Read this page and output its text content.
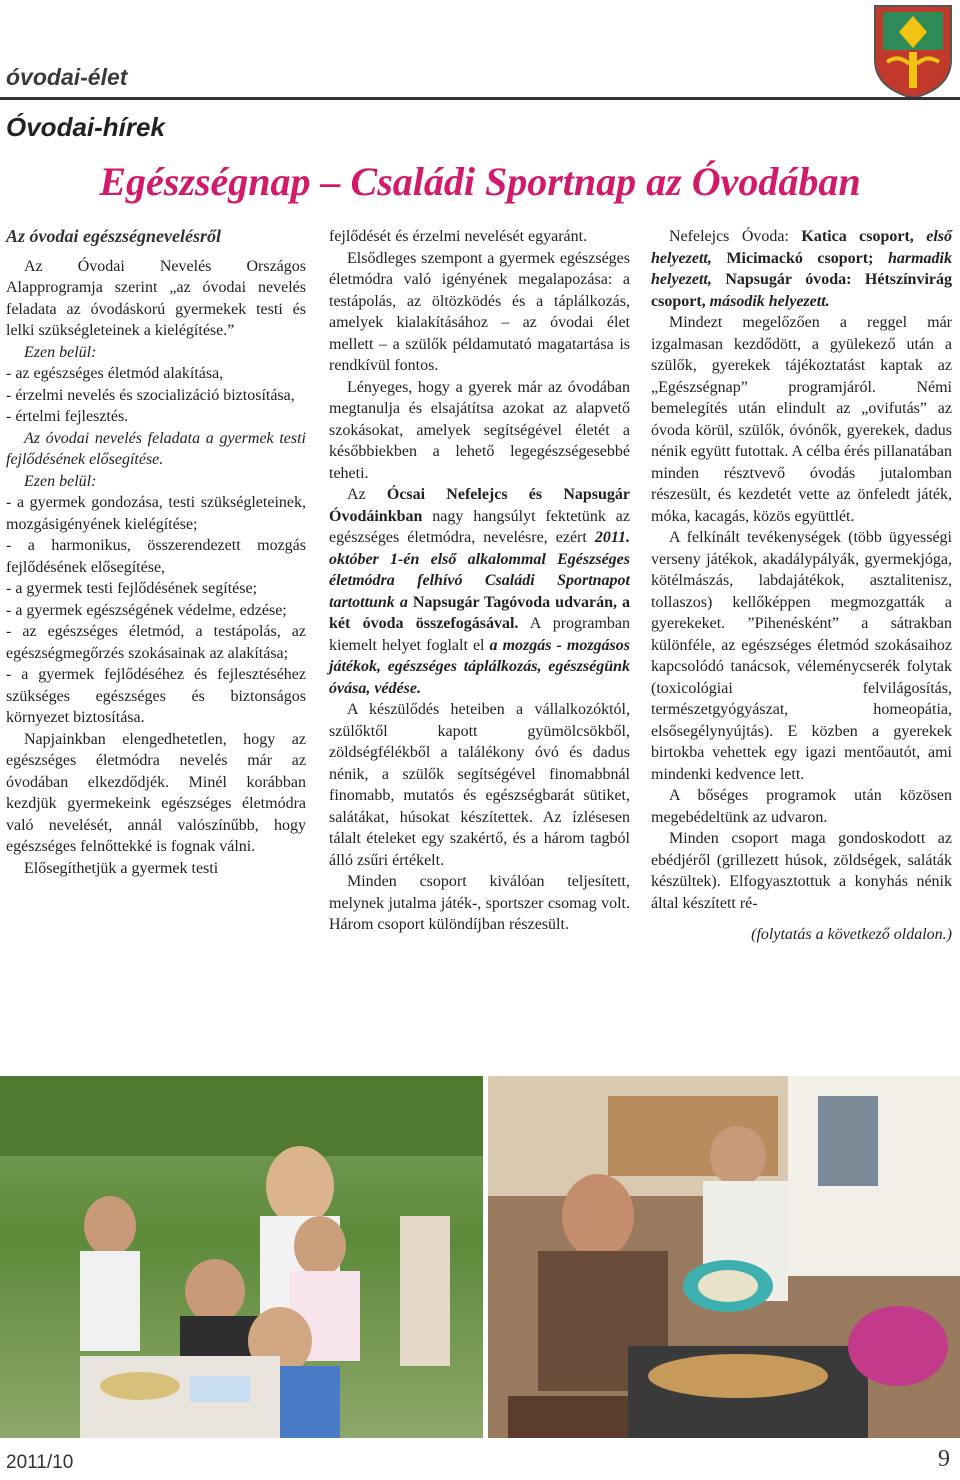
óvodai-élet
Óvodai-hírek
Egészségnap – Családi Sportnap az Óvodában

Az óvodai egészségnevelésről

Az Óvodai Nevelés Országos Alapprogramja szerint „az óvodai nevelés feladata az óvodáskorú gyermekek testi és lelki szükségleteinek a kielégítése.”

Ezen belül:

- az egészséges életmód alakítása,

- érzelmi nevelés és szocializáció biztosítása,

- értelmi fejlesztés.

Az óvodai nevelés feladata a gyermek testi fejlődésének elősegítése.

Ezen belül:

- a gyermek gondozása, testi szükségleteinek, mozgásigényének kielégítése;

- a harmonikus, összerendezett mozgás fejlődésének elősegítése,

- a gyermek testi fejlődésének segítése;

- a gyermek egészségének védelme, edzése;

- az egészséges életmód, a testápolás, az egészségmegőrzés szokásainak az alakítása;

- a gyermek fejlődéséhez és fejlesztéséhez szükséges egészséges és biztonságos környezet biztosítása.

Napjainkban elengedhetetlen, hogy az egészséges életmódra nevelés már az óvodában elkezdődjék. Minél korábban kezdjük gyermekeink egészséges életmódra való nevelését, annál valószínűbb, hogy egészséges felnőttekké is fognak válni.

Elősegíthetjük a gyermek testi

fejlődését és érzelmi nevelését egyaránt.

Elsődleges szempont a gyermek egészséges életmódra való igényének megalapozása: a testápolás, az öltözködés és a táplálkozás, amelyek kialakításához – az óvodai élet mellett – a szülők példamutató magatartása is rendkívül fontos.

Lényeges, hogy a gyerek már az óvodában megtanulja és elsajátítsa azokat az alapvető szokásokat, amelyek segítségével életét a későbbiekben a lehető legegészségesebbé teheti.

Az Ócsai Nefelejcs és Napsugár Óvodáinkban nagy hangsúlyt fektetünk az egészséges életmódra, nevelésre, ezért 2011. október 1-én első alkalommal Egészséges életmódra felhívó Családi Sportnapot tartottunk a Napsugár Tagóvoda udvarán, a két óvoda összefogásával. A programban kiemelt helyet foglalt el a mozgás - mozgásos játékok, egészséges táplálkozás, egészségünk óvása, védése.

A készülődés heteiben a vállalkozóktól, szülőktől kapott gyümölcsökből, zöldségfélékből a találékony óvó és dadus nénik, a szülők segítségével finomabbnál finomabb, mutatós és egészségbarát sütiket, salátákat, húsokat készítettek. Az ízlésesen tálalt ételeket egy szakértő, és a három tagból álló zsűri értékelt.

Minden csoport kiválóan teljesített, melynek jutalma játék-, sportszer csomag volt. Három csoport különdíjban részesült.

Nefelejcs Óvoda: Katica csoport, első helyezett, Micimackó csoport; harmadik helyezett, Napsugár óvoda: Hétszínvirág csoport, második helyezett.

Mindezt megelőzően a reggel már izgalmasan kezdődött, a gyülekező után a szülők, gyerekek tájékoztatást kaptak az „Egészségnap” programjáról. Némi bemelegítés után elindult az „ovifutás” az óvoda körül, szülők, óvónők, gyerekek, dadus nénik együtt futottak. A célba érés pillanatában minden résztvevő óvodás jutalomban részesült, és kezdetét vette az önfeledt játék, móka, kacagás, közös együttlét.

A felkínált tevékenységek (több ügyességi verseny játékok, akadálypályák, gyermekjóga, kötélmászás, labdajátékok, asztalitenisz, tollaszos) kellőképpen megmozgatták a gyerekeket. ”Pihenésként” a sátrakban különféle, az egészséges életmód szokásaihoz kapcsolódó tanácsok, véleménycserék folytak (toxicológiai felvilágosítás, természetgyógyászat, homeopátia, elsősegélynyújtás). E közben a gyerekek birtokba vehettek egy igazi mentőautót, ami mindenki kedvence lett.

A bőséges programok után közösen megebédeltünk az udvaron.

Minden csoport maga gondoskodott az ebédjéről (grillezett húsok, zöldségek, saláták készültek). Elfogyasztottuk a konyhás nénik által készített ré-

(folytatás a következő oldalon.)

2011/10	9
